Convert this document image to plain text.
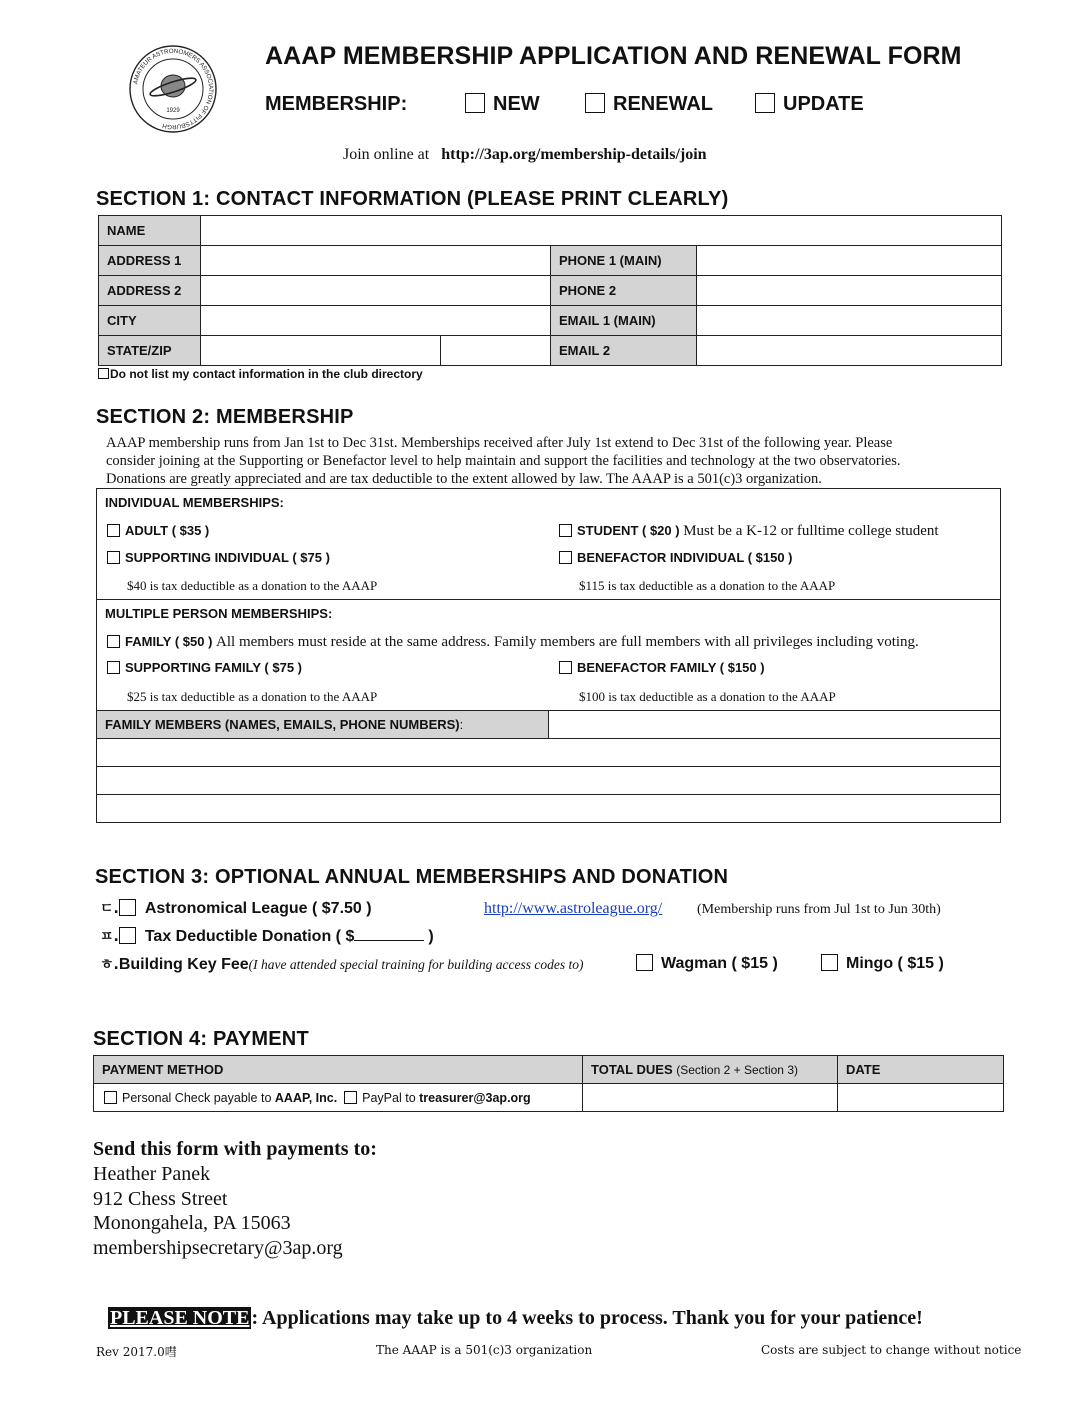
AMATEUR ASTRONOMERS ASSOCIATION OF PITTSBURGH
1929
AAAP MEMBERSHIP APPLICATION AND RENEWAL FORM
MEMBERSHIP:	NEW	RENEWAL	UPDATE
Join online at http://3ap.org/membership-details/join
SECTION 1: CONTACT INFORMATION (PLEASE PRINT CLEARLY)
NAME				
ADDRESS 1			PHONE 1 (MAIN)	
ADDRESS 2			PHONE 2	
CITY			EMAIL 1 (MAIN)	
STATE/ZIP			EMAIL 2	
Do not list my contact information in the club directory
SECTION 2: MEMBERSHIP
AAAP membership runs from Jan 1st to Dec 31st. Memberships received after July 1st extend to Dec 31st of the following year. Please
consider joining at the Supporting or Benefactor level to help maintain and support the facilities and technology at the two observatories.
Donations are greatly appreciated and are tax deductible to the extent allowed by law. The AAAP is a 501(c)3 organization.
INDIVIDUAL MEMBERSHIPS:
ADULT ( $35 )	STUDENT ( $20 ) Must be a K-12 or fulltime college student
SUPPORTING INDIVIDUAL ( $75 )	BENEFACTOR INDIVIDUAL ( $150 )
$40 is tax deductible as a donation to the AAAP	$115 is tax deductible as a donation to the AAAP
MULTIPLE PERSON MEMBERSHIPS:
FAMILY ( $50 ) All members must reside at the same address. Family members are full members with all privileges including voting.
SUPPORTING FAMILY ( $75 )	BENEFACTOR FAMILY ( $150 )
$25 is tax deductible as a donation to the AAAP	$100 is tax deductible as a donation to the AAAP
FAMILY MEMBERS (NAMES, EMAILS, PHONE NUMBERS):	

SECTION 3: OPTIONAL ANNUAL MEMBERSHIPS AND DONATION
ㄷ. Astronomical League ( $7.50 )	http://www.astroleague.org/ (Membership runs from Jul 1st to Jun 30th)
ㅍ. Tax Deductible Donation ( $	)
ㅎ.Building Key Fee(I have attended special training for building access codes to)	Wagman ( $15 )	Mingo ( $15 )
SECTION 4: PAYMENT
PAYMENT METHOD	TOTAL DUES (Section 2 + Section 3)	DATE
Personal Check payable to AAAP, Inc. PayPal to treasurer@3ap.org		
Send this form with payments to:
Heather Panek
912 Chess Street
Monongahela, PA 15063
membershipsecretary@3ap.org
PLEASE NOTE : Applications may take up to 4 weeks to process. Thank you for your patience!
Rev 2017.0嘒	The AAAP is a 501(c)3 organization	Costs are subject to change without notice
